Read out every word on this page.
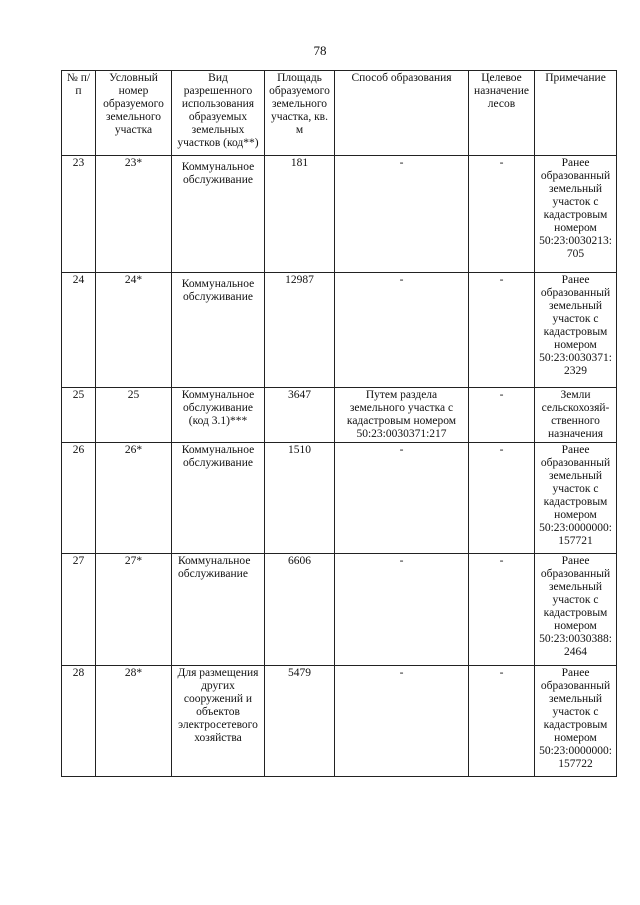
78
№ п/п	Условный номер образуемого земельного участка	Вид разрешенного использования образуемых земельных участков (код**)	Площадь образуемого земельного участка, кв. м	Способ образования	Целевое назначение лесов	Примечание
23	23*	Коммунальное обслуживание	181	-	-	Ранее образованный земельный участок с кадастровым номером 50:23:0030213: 705
24	24*	Коммунальное обслуживание	12987	-	-	Ранее образованный земельный участок с кадастровым номером 50:23:0030371: 2329
25	25	Коммунальное обслуживание (код 3.1)***	3647	Путем раздела земельного участка с кадастровым номером 50:23:0030371:217	-	Земли сельскохозяй- ственного назначения
26	26*	Коммунальное обслуживание	1510	-	-	Ранее образованный земельный участок с кадастровым номером 50:23:0000000: 157721
27	27*	Коммунальное обслуживание	6606	-	-	Ранее образованный земельный участок с кадастровым номером 50:23:0030388: 2464
28	28*	Для размещения других сооружений и объектов электросетевого хозяйства	5479	-	-	Ранее образованный земельный участок с кадастровым номером 50:23:0000000: 157722
